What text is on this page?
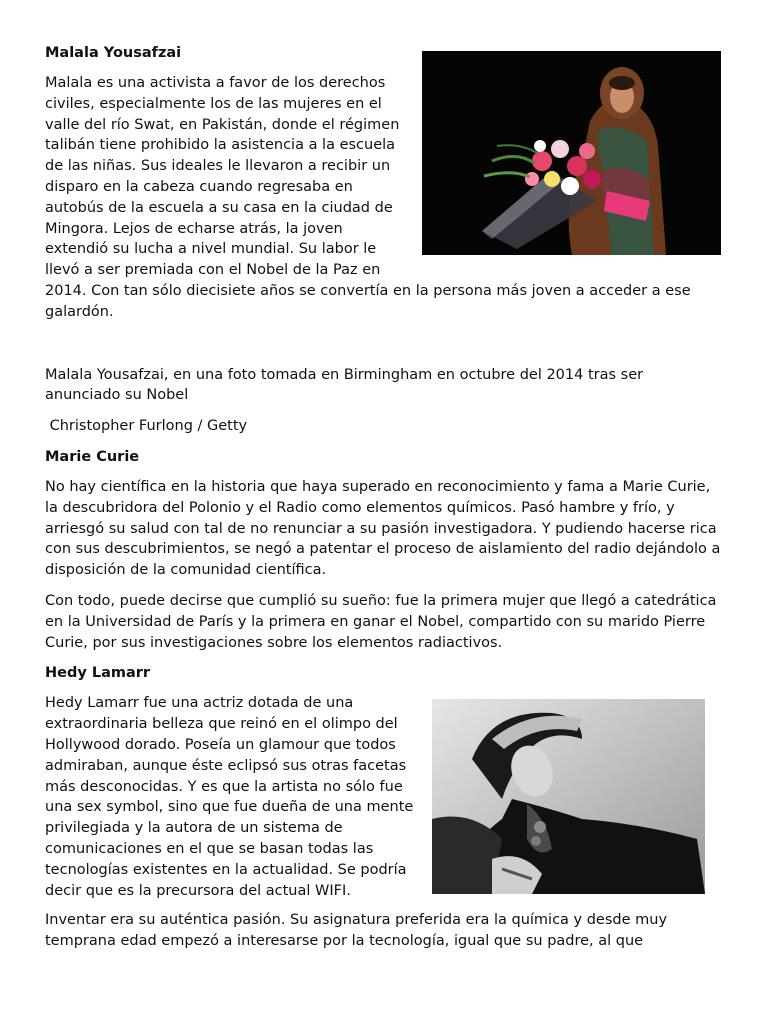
Malala Yousafzai

Malala es una activista a favor de los derechos civiles, especialmente los de las mujeres en el valle del río Swat, en Pakistán, donde el régimen talibán tiene prohibido la asistencia a la escuela de las niñas. Sus ideales le llevaron a recibir un disparo en la cabeza cuando regresaba en autobús de la escuela a su casa en la ciudad de Mingora. Lejos de echarse atrás, la joven extendió su lucha a nivel mundial. Su labor le llevó a ser premiada con el Nobel de la Paz en 2014. Con tan sólo diecisiete años se convertía en la persona más joven a acceder a ese galardón.

Malala Yousafzai, en una foto tomada en Birmingham en octubre del 2014 tras ser anunciado su Nobel

Christopher Furlong / Getty

Marie Curie

No hay científica en la historia que haya superado en reconocimiento y fama a Marie Curie, la descubridora del Polonio y el Radio como elementos químicos. Pasó hambre y frío, y arriesgó su salud con tal de no renunciar a su pasión investigadora. Y pudiendo hacerse rica con sus descubrimientos, se negó a patentar el proceso de aislamiento del radio dejándolo a disposición de la comunidad científica.

Con todo, puede decirse que cumplió su sueño: fue la primera mujer que llegó a catedrática en la Universidad de París y la primera en ganar el Nobel, compartido con su marido Pierre Curie, por sus investigaciones sobre los elementos radiactivos.

Hedy Lamarr

Hedy Lamarr fue una actriz dotada de una extraordinaria belleza que reinó en el olimpo del Hollywood dorado. Poseía un glamour que todos admiraban, aunque éste eclipsó sus otras facetas más desconocidas. Y es que la artista no sólo fue una sex symbol, sino que fue dueña de una mente privilegiada y la autora de un sistema de comunicaciones en el que se basan todas las tecnologías existentes en la actualidad. Se podría decir que es la precursora del actual WIFI.

Inventar era su auténtica pasión. Su asignatura preferida era la química y desde muy temprana edad empezó a interesarse por la tecnología, igual que su padre, al que
